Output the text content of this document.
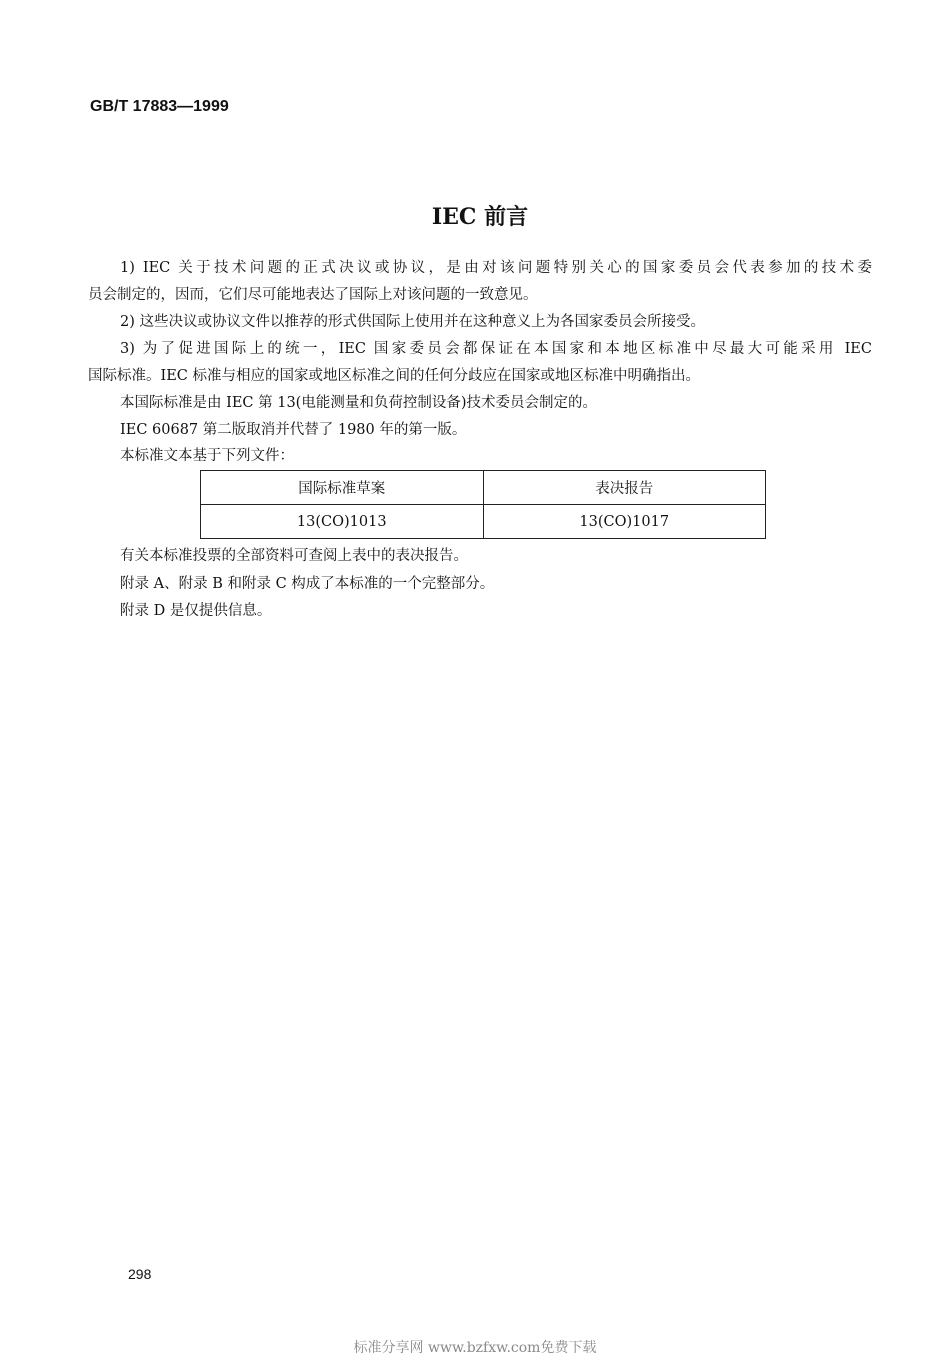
GB/T 17883—1999
IEC 前言
1) IEC 关于技术问题的正式决议或协议，是由对该问题特别关心的国家委员会代表参加的技术委
员会制定的，因而，它们尽可能地表达了国际上对该问题的一致意见。
2) 这些决议或协议文件以推荐的形式供国际上使用并在这种意义上为各国家委员会所接受。
3) 为了促进国际上的统一，IEC 国家委员会都保证在本国家和本地区标准中尽最大可能采用 IEC
国际标准。IEC 标准与相应的国家或地区标准之间的任何分歧应在国家或地区标准中明确指出。
本国际标准是由 IEC 第 13(电能测量和负荷控制设备)技术委员会制定的。
IEC 60687 第二版取消并代替了 1980 年的第一版。
本标准文本基于下列文件：
国际标准草案	表决报告
13(CO)1013	13(CO)1017
有关本标准投票的全部资料可查阅上表中的表决报告。
附录 A、附录 B 和附录 C 构成了本标准的一个完整部分。
附录 D 是仅提供信息。
298
标准分享网 www.bzfxw.com免费下载
